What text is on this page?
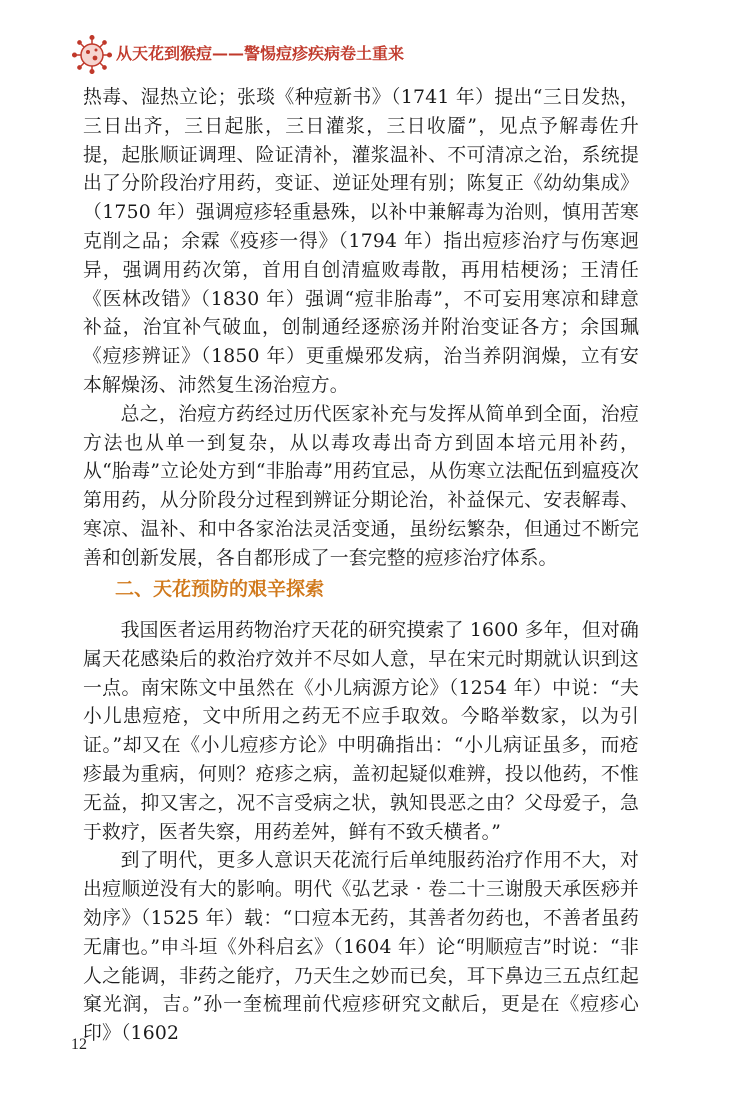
从天花到猴痘——警惕痘疹疾病卷土重来

热毒、湿热立论；张琰《种痘新书》（1741 年）提出“三日发热，三日出齐，三日起胀，三日灌浆，三日收靥”，见点予解毒佐升提，起胀顺证调理、险证清补，灌浆温补、不可清凉之治，系统提出了分阶段治疗用药，变证、逆证处理有别；陈复正《幼幼集成》（1750 年）强调痘疹轻重悬殊，以补中兼解毒为治则，慎用苦寒克削之品；余霖《疫疹一得》（1794 年）指出痘疹治疗与伤寒迥异，强调用药次第，首用自创清瘟败毒散，再用桔梗汤；王清任《医林改错》（1830 年）强调“痘非胎毒”，不可妄用寒凉和肆意补益，治宜补气破血，创制通经逐瘀汤并附治变证各方；余国珮《痘疹辨证》（1850 年）更重燥邪发病，治当养阴润燥，立有安本解燥汤、沛然复生汤治痘方。

总之，治痘方药经过历代医家补充与发挥从简单到全面，治痘方法也从单一到复杂，从以毒攻毒出奇方到固本培元用补药，从“胎毒”立论处方到“非胎毒”用药宜忌，从伤寒立法配伍到瘟疫次第用药，从分阶段分过程到辨证分期论治，补益保元、安表解毒、寒凉、温补、和中各家治法灵活变通，虽纷纭繁杂，但通过不断完善和创新发展，各自都形成了一套完整的痘疹治疗体系。

二、天花预防的艰辛探索

我国医者运用药物治疗天花的研究摸索了 1600 多年，但对确属天花感染后的救治疗效并不尽如人意，早在宋元时期就认识到这一点。南宋陈文中虽然在《小儿病源方论》（1254 年）中说：“夫小儿患痘疮，文中所用之药无不应手取效。今略举数家，以为引证。”却又在《小儿痘疹方论》中明确指出：“小儿病证虽多，而疮疹最为重病，何则？疮疹之病，盖初起疑似难辨，投以他药，不惟无益，抑又害之，况不言受病之状，孰知畏恶之由？父母爱子，急于救疗，医者失察，用药差舛，鲜有不致夭横者。”

到了明代，更多人意识天花流行后单纯服药治疗作用不大，对出痘顺逆没有大的影响。明代《弘艺录 · 卷二十三谢殷天承医痧并効序》（1525 年）载：“口痘本无药，其善者勿药也，不善者虽药无庸也。”申斗垣《外科启玄》（1604 年）论“明顺痘吉”时说：“非人之能调，非药之能疗，乃天生之妙而已矣，耳下鼻边三五点红起窠光润，吉。”孙一奎梳理前代痘疹研究文献后，更是在《痘疹心印》（1602

12
